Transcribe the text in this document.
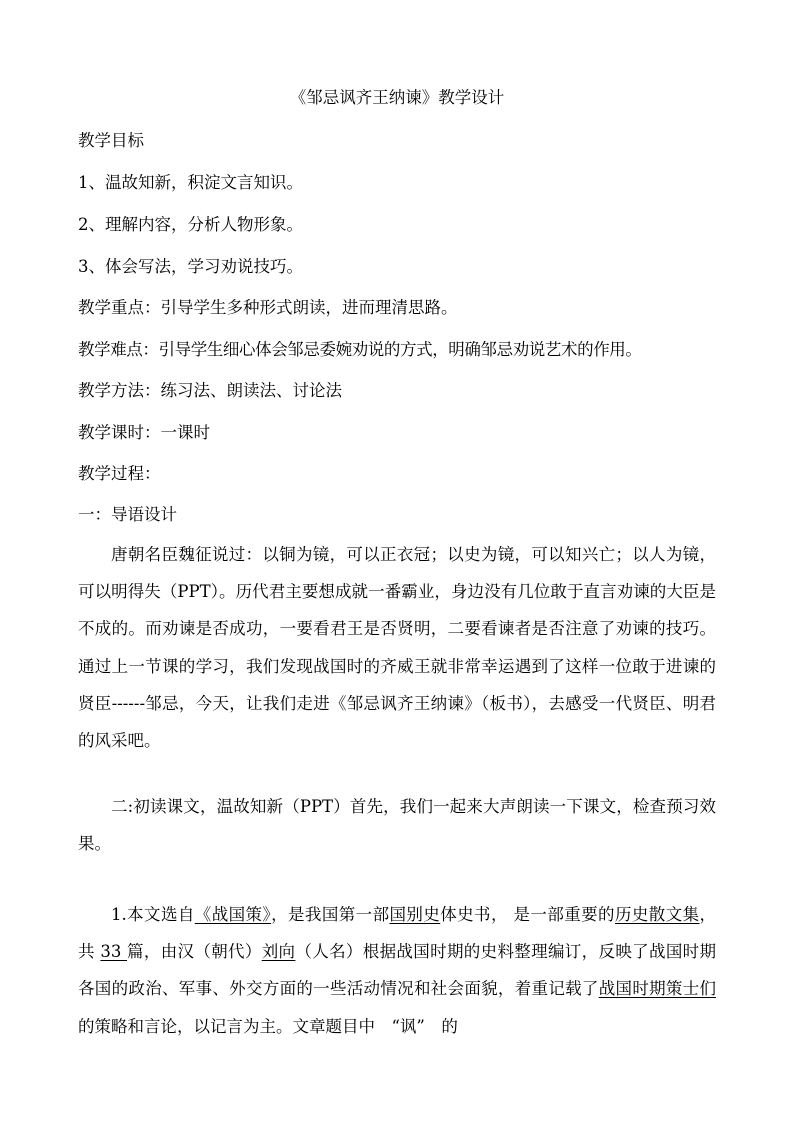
《邹忌讽齐王纳谏》教学设计
教学目标
1、温故知新，积淀文言知识。
2、理解内容，分析人物形象。
3、体会写法，学习劝说技巧。
教学重点：引导学生多种形式朗读，进而理清思路。
教学难点：引导学生细心体会邹忌委婉劝说的方式，明确邹忌劝说艺术的作用。
教学方法：练习法、朗读法、讨论法
教学课时：一课时
教学过程：
一：导语设计
唐朝名臣魏征说过：以铜为镜，可以正衣冠；以史为镜，可以知兴亡；以人为镜，可以明得失（PPT）。历代君主要想成就一番霸业，身边没有几位敢于直言劝谏的大臣是不成的。而劝谏是否成功，一要看君王是否贤明，二要看谏者是否注意了劝谏的技巧。通过上一节课的学习，我们发现战国时的齐威王就非常幸运遇到了这样一位敢于进谏的贤臣------邹忌，今天，让我们走进《邹忌讽齐王纳谏》（板书），去感受一代贤臣、明君的风采吧。
二:初读课文，温故知新（PPT）首先，我们一起来大声朗读一下课文，检查预习效果。
1.本文选自《战国策》，是我国第一部国别史体史书， 是一部重要的历史散文集，共 33 篇，由汉（朝代）刘向（人名）根据战国时期的史料整理编订，反映了战国时期各国的政治、军事、外交方面的一些活动情况和社会面貌，着重记载了战国时期策士们的策略和言论，以记言为主。文章题目中　“讽”　的
